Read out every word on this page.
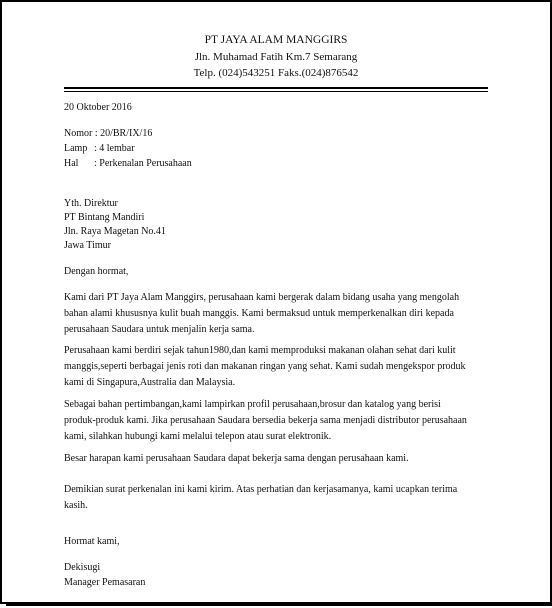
PT JAYA ALAM MANGGIRS
Jln. Muhamad Fatih Km.7 Semarang
Telp. (024)543251 Faks.(024)876542
20 Oktober 2016
Nomor : 20/BR/IX/16
Lamp : 4 lembar
Hal : Perkenalan Perusahaan
Yth. Direktur
PT Bintang Mandiri
Jln. Raya Magetan No.41
Jawa Timur
Dengan hormat,
Kami dari PT Jaya Alam Manggirs, perusahaan kami bergerak dalam bidang usaha yang mengolah
bahan alami khususnya kulit buah manggis. Kami bermaksud untuk memperkenalkan diri kepada
perusahaan Saudara untuk menjalin kerja sama.
Perusahaan kami berdiri sejak tahun1980,dan kami memproduksi makanan olahan sehat dari kulit
manggis,seperti berbagai jenis roti dan makanan ringan yang sehat. Kami sudah mengekspor produk
kami di Singapura,Australia dan Malaysia.
Sebagai bahan pertimbangan,kami lampirkan profil perusahaan,brosur dan katalog yang berisi
produk-produk kami. Jika perusahaan Saudara bersedia bekerja sama menjadi distributor perusahaan
kami, silahkan hubungi kami melalui telepon atau surat elektronik.
Besar harapan kami perusahaan Saudara dapat bekerja sama dengan perusahaan kami.
Demikian surat perkenalan ini kami kirim. Atas perhatian dan kerjasamanya, kami ucapkan terima
kasih.
Hormat kami,
Dekisugi
Manager Pemasaran
